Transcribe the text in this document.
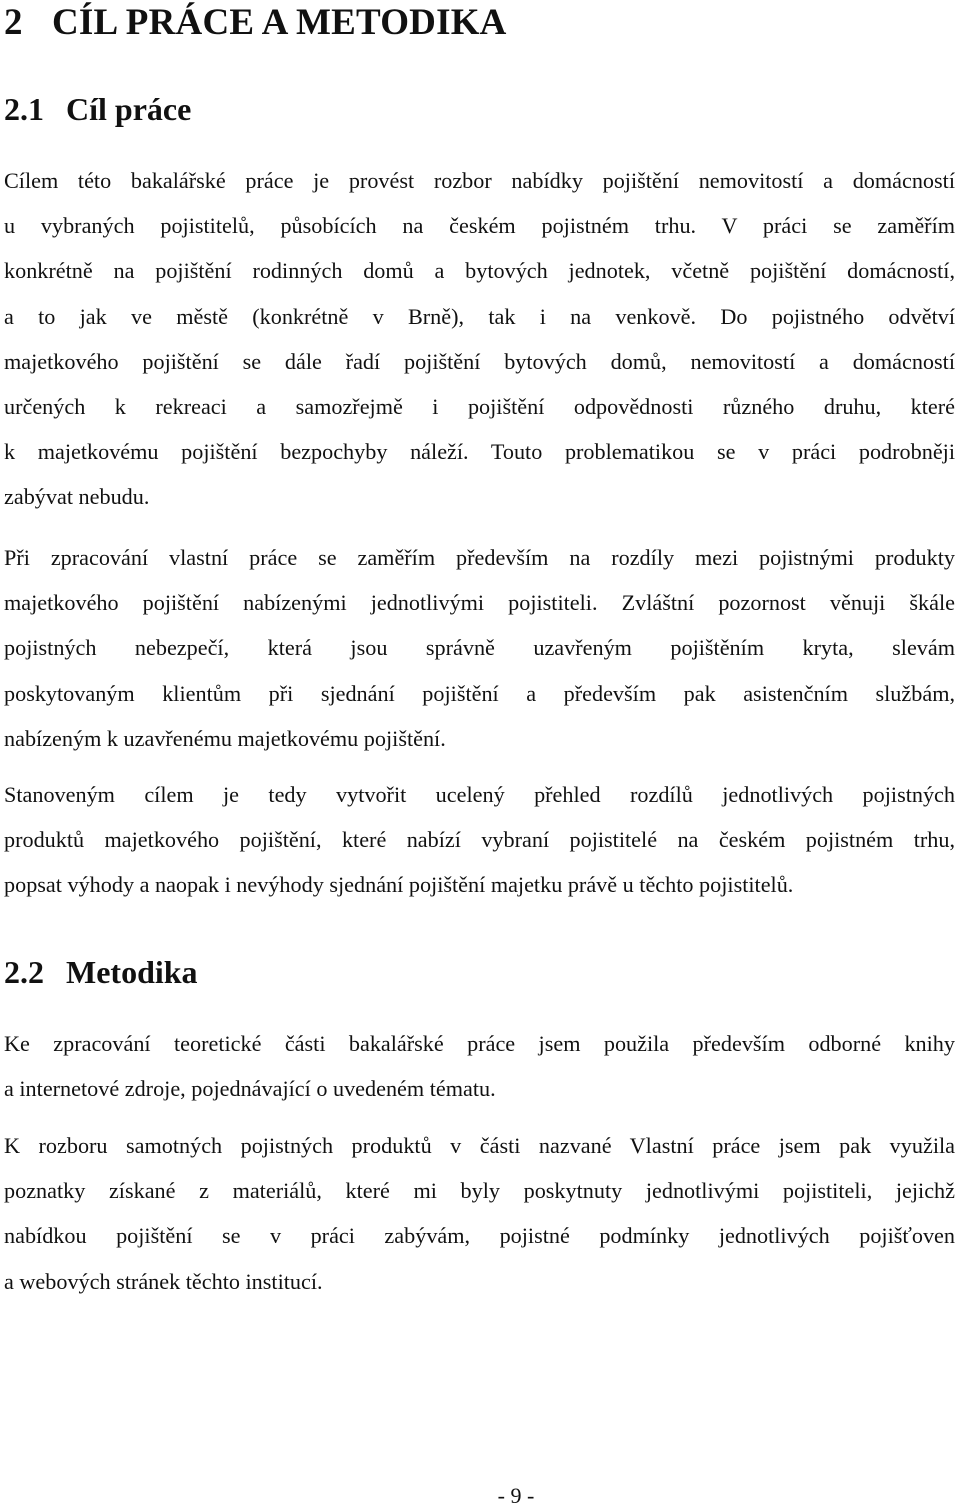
2 CÍL PRÁCE A METODIKA
2.1 Cíl práce
Cílem této bakalářské práce je provést rozbor nabídky pojištění nemovitostí a domácností
u vybraných pojistitelů, působících na českém pojistném trhu. V práci se zaměřím
konkrétně na pojištění rodinných domů a bytových jednotek, včetně pojištění domácností,
a to jak ve městě (konkrétně v Brně), tak i na venkově. Do pojistného odvětví
majetkového pojištění se dále řadí pojištění bytových domů, nemovitostí a domácností
určených k rekreaci a samozřejmě i pojištění odpovědnosti různého druhu, které
k majetkovému pojištění bezpochyby náleží. Touto problematikou se v práci podrobněji
zabývat nebudu.
Při zpracování vlastní práce se zaměřím především na rozdíly mezi pojistnými produkty
majetkového pojištění nabízenými jednotlivými pojistiteli. Zvláštní pozornost věnuji škále
pojistných nebezpečí, která jsou správně uzavřeným pojištěním kryta, slevám
poskytovaným klientům při sjednání pojištění a především pak asistenčním službám,
nabízeným k uzavřenému majetkovému pojištění.
Stanoveným cílem je tedy vytvořit ucelený přehled rozdílů jednotlivých pojistných
produktů majetkového pojištění, které nabízí vybraní pojistitelé na českém pojistném trhu,
popsat výhody a naopak i nevýhody sjednání pojištění majetku právě u těchto pojistitelů.
2.2 Metodika
Ke zpracování teoretické části bakalářské práce jsem použila především odborné knihy
a internetové zdroje, pojednávající o uvedeném tématu.
K rozboru samotných pojistných produktů v části nazvané Vlastní práce jsem pak využila
poznatky získané z materiálů, které mi byly poskytnuty jednotlivými pojistiteli, jejichž
nabídkou pojištění se v práci zabývám, pojistné podmínky jednotlivých pojišťoven
a webových stránek těchto institucí.
- 9 -
